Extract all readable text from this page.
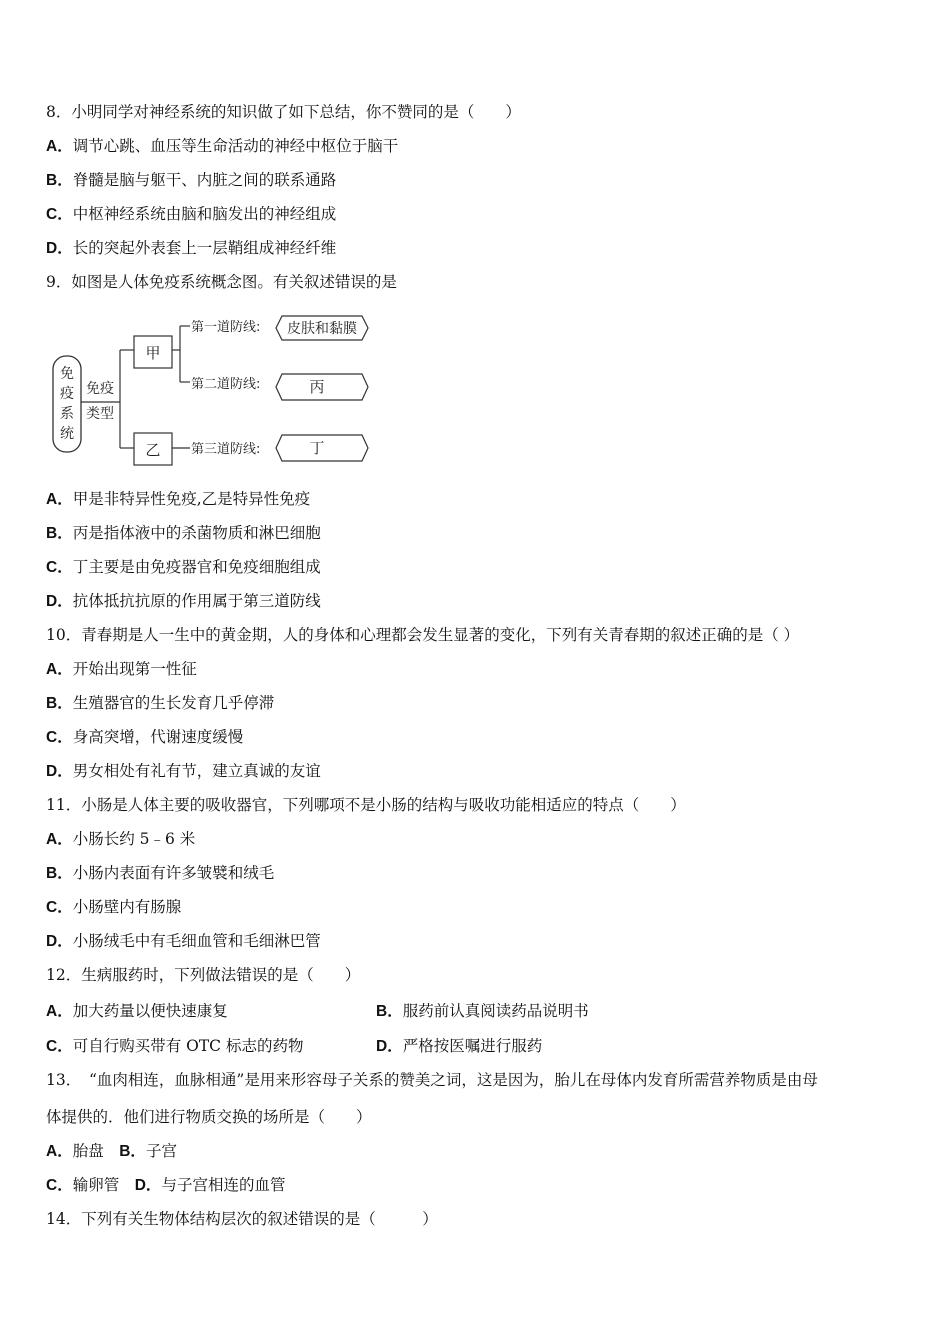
8．小明同学对神经系统的知识做了如下总结，你不赞同的是（　　）
A．调节心跳、血压等生命活动的神经中枢位于脑干
B．脊髓是脑与躯干、内脏之间的联系通路
C．中枢神经系统由脑和脑发出的神经组成
D．长的突起外表套上一层鞘组成神经纤维
9．如图是人体免疫系统概念图。有关叙述错误的是
免
疫
系
统
免疫
类型
甲
乙
第一道防线:
第二道防线:
第三道防线:
皮肤和黏膜
丙
丁
A．甲是非特异性免疫,乙是特异性免疫
B．丙是指体液中的杀菌物质和淋巴细胞
C．丁主要是由免疫器官和免疫细胞组成
D．抗体抵抗抗原的作用属于第三道防线
10．青春期是人一生中的黄金期，人的身体和心理都会发生显著的变化，下列有关青春期的叙述正确的是（ ）
A．开始出现第一性征
B．生殖器官的生长发育几乎停滞
C．身高突增，代谢速度缓慢
D．男女相处有礼有节，建立真诚的友谊
11．小肠是人体主要的吸收器官，下列哪项不是小肠的结构与吸收功能相适应的特点（　　）
A．小肠长约 5﹣6 米
B．小肠内表面有许多皱襞和绒毛
C．小肠壁内有肠腺
D．小肠绒毛中有毛细血管和毛细淋巴管
12．生病服药时，下列做法错误的是（　　）
A．加大药量以便快速康复	B．服药前认真阅读药品说明书
C．可自行购买带有 OTC 标志的药物	D．严格按医嘱进行服药
13．　“血肉相连，血脉相通”是用来形容母子关系的赞美之词，这是因为，胎儿在母体内发育所需营养物质是由母
体提供的．他们进行物质交换的场所是（　　）
A．胎盘　 B．子宫
C．输卵管　 D．与子宫相连的血管
14．下列有关生物体结构层次的叙述错误的是（　　　）
